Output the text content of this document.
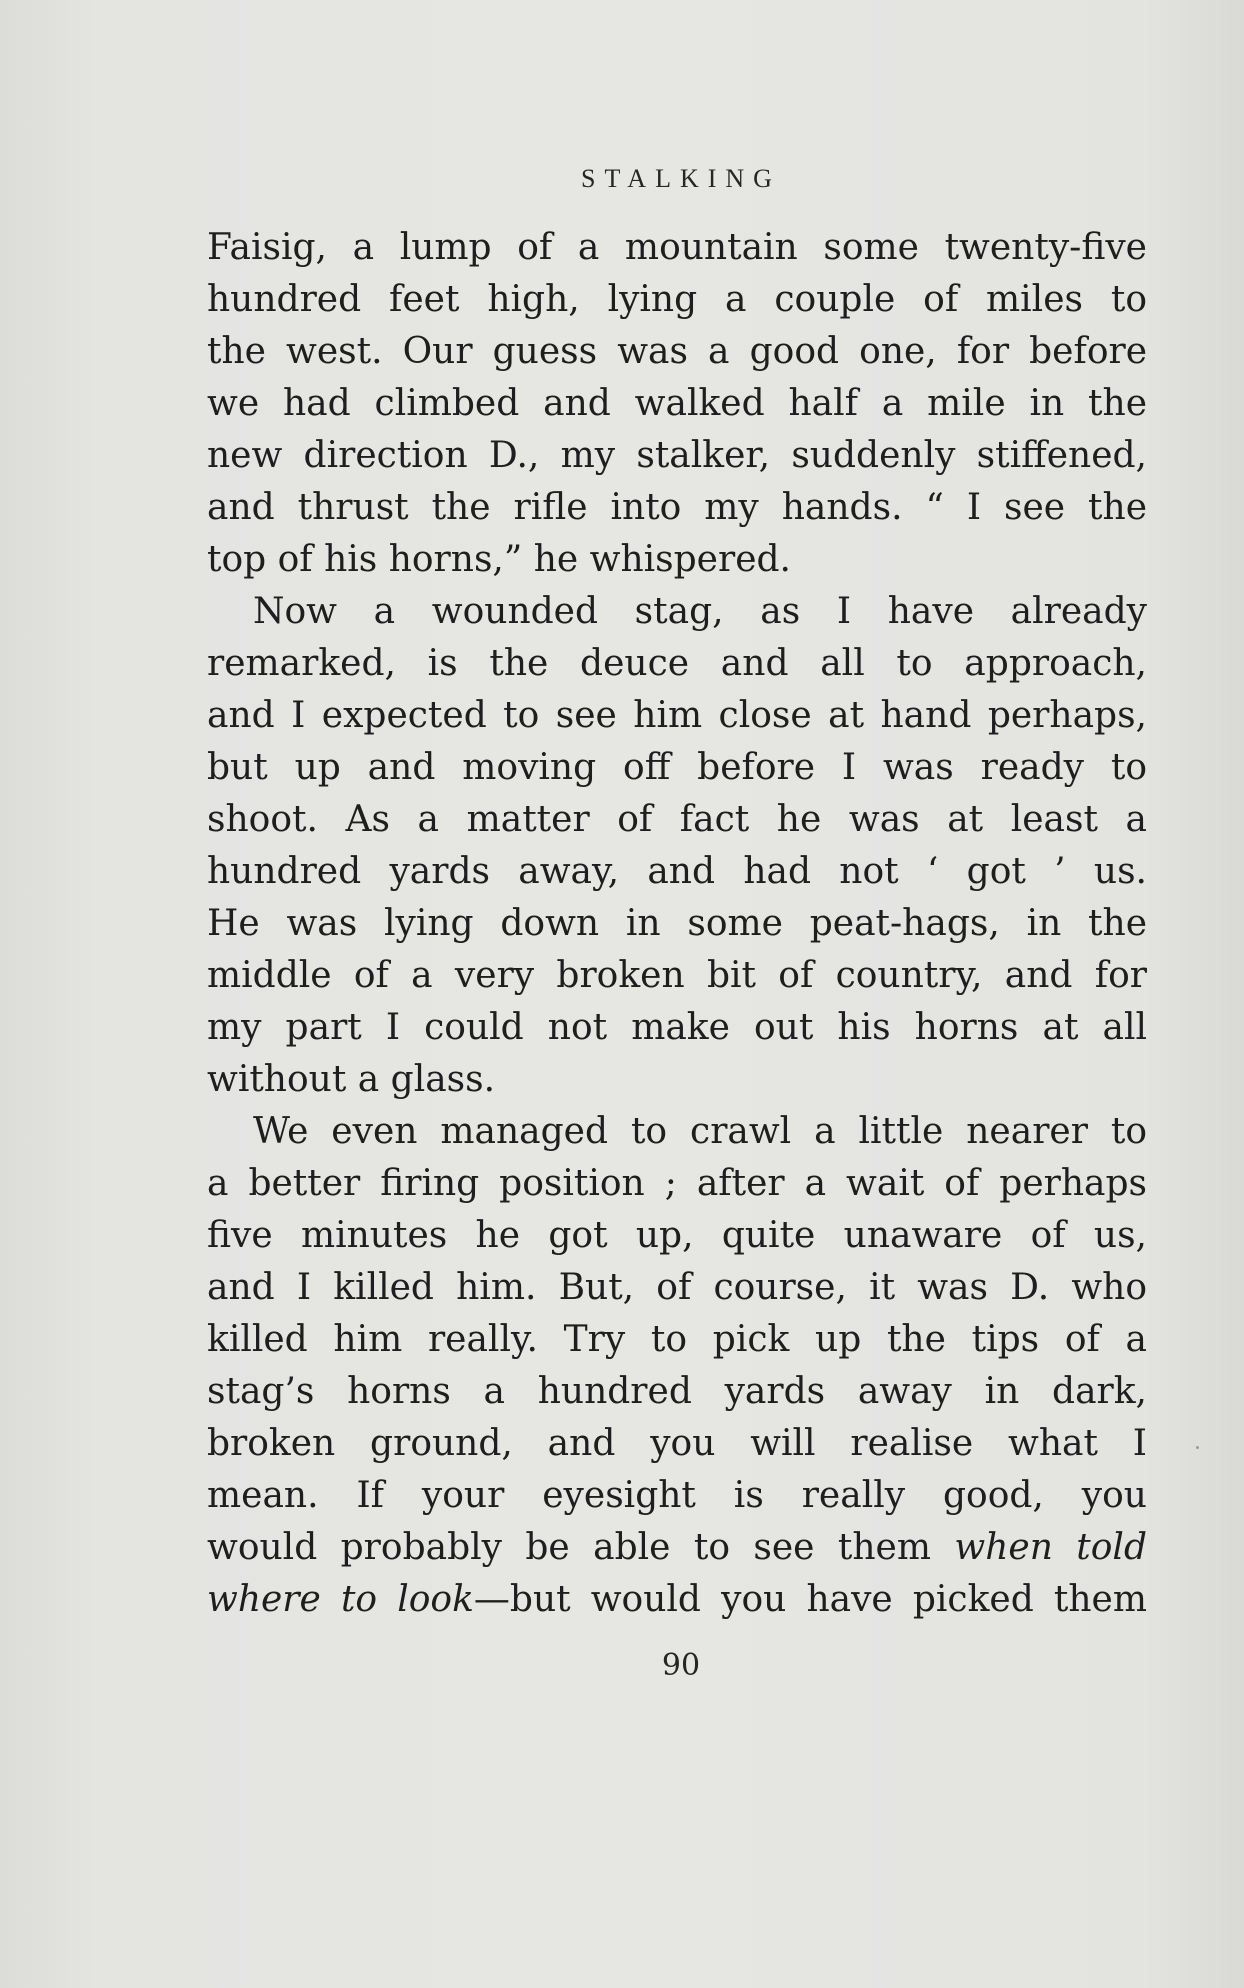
STALKING
Faisig, a lump of a mountain some twenty-five
hundred feet high, lying a couple of miles to
the west. Our guess was a good one, for before
we had climbed and walked half a mile in the
new direction D., my stalker, suddenly stiffened,
and thrust the rifle into my hands. “ I see the
top of his horns,” he whispered.
Now a wounded stag, as I have already
remarked, is the deuce and all to approach,
and I expected to see him close at hand perhaps,
but up and moving off before I was ready to
shoot. As a matter of fact he was at least a
hundred yards away, and had not ‘ got ’ us.
He was lying down in some peat-hags, in the
middle of a very broken bit of country, and for
my part I could not make out his horns at all
without a glass.
We even managed to crawl a little nearer to
a better firing position ; after a wait of perhaps
five minutes he got up, quite unaware of us,
and I killed him. But, of course, it was D. who
killed him really. Try to pick up the tips of a
stag’s horns a hundred yards away in dark,
broken ground, and you will realise what I
mean. If your eyesight is really good, you
would probably be able to see them when told
where to look—but would you have picked them
90
